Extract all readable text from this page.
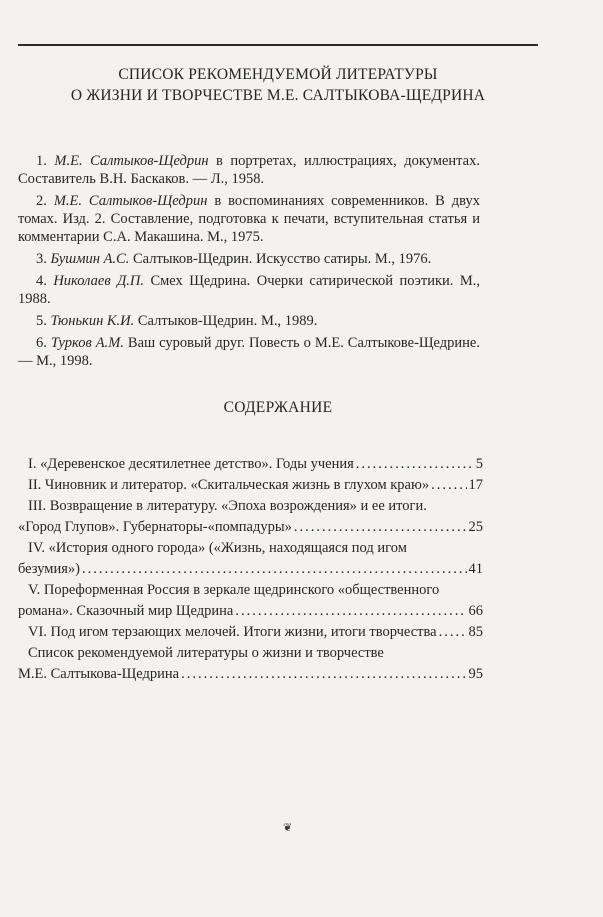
СПИСОК РЕКОМЕНДУЕМОЙ ЛИТЕРАТУРЫ
О ЖИЗНИ И ТВОРЧЕСТВЕ М.Е. САЛТЫКОВА-ЩЕДРИНА

1. М.Е. Салтыков-Щедрин в портретах, иллюстрациях, документах. Составитель В.Н. Баскаков. — Л., 1958.

2. М.Е. Салтыков-Щедрин в воспоминаниях современников. В двух томах. Изд. 2. Составление, подготовка к печати, вступительная статья и комментарии С.А. Макашина. М., 1975.

3. Бушмин А.С. Салтыков-Щедрин. Искусство сатиры. М., 1976.

4. Николаев Д.П. Смех Щедрина. Очерки сатирической поэтики. М., 1988.

5. Тюнькин К.И. Салтыков-Щедрин. М., 1989.

6. Турков А.М. Ваш суровый друг. Повесть о М.Е. Салтыкове-Щедрине. — М., 1998.

СОДЕРЖАНИЕ
I. «Деревенское десятилетнее детство». Годы учения .....	5
II. Чиновник и литератор. «Скитальческая жизнь в глухом краю» .....	17
III. Возвращение в литературу. «Эпоха возрождения» и ее итоги.
«Город Глупов». Губернаторы-«помпадуры» .....	25
IV. «История одного города» («Жизнь, находящаяся под игом
безумия») .....	41
V. Пореформенная Россия в зеркале щедринского «общественного
романа». Сказочный мир Щедрина .....	66
VI. Под игом терзающих мелочей. Итоги жизни, итоги творчества ..... 85
Список рекомендуемой литературы о жизни и творчестве
М.Е. Салтыкова-Щедрина .....	95
❦
